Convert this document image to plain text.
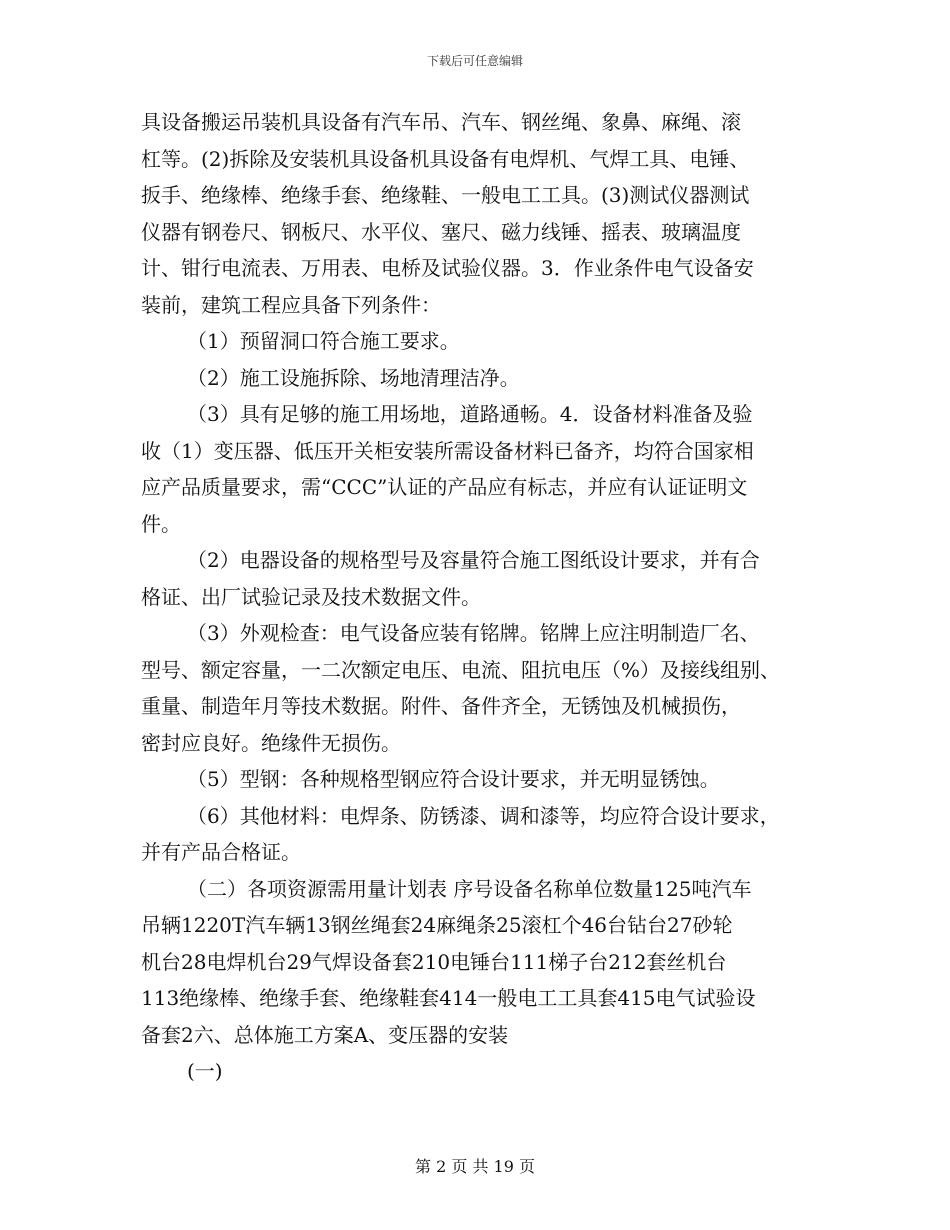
下载后可任意编辑
具设备搬运吊装机具设备有汽车吊、汽车、钢丝绳、象鼻、麻绳、滚
杠等。(2)拆除及安装机具设备机具设备有电焊机、气焊工具、电锤、
扳手、绝缘棒、绝缘手套、绝缘鞋、一般电工工具。(3)测试仪器测试
仪器有钢卷尺、钢板尺、水平仪、塞尺、磁力线锤、摇表、玻璃温度
计、钳行电流表、万用表、电桥及试验仪器。3．作业条件电气设备安
装前，建筑工程应具备下列条件：
（1）预留洞口符合施工要求。
（2）施工设施拆除、场地清理洁净。
（3）具有足够的施工用场地，道路通畅。4．设备材料准备及验
收（1）变压器、低压开关柜安装所需设备材料已备齐，均符合国家相
应产品质量要求，需“CCC”认证的产品应有标志，并应有认证证明文
件。
（2）电器设备的规格型号及容量符合施工图纸设计要求，并有合
格证、出厂试验记录及技术数据文件。
（3）外观检查：电气设备应装有铭牌。铭牌上应注明制造厂名、
型号、额定容量，一二次额定电压、电流、阻抗电压（%）及接线组别、
重量、制造年月等技术数据。附件、备件齐全，无锈蚀及机械损伤，
密封应良好。绝缘件无损伤。
（5）型钢：各种规格型钢应符合设计要求，并无明显锈蚀。
（6）其他材料：电焊条、防锈漆、调和漆等，均应符合设计要求，
并有产品合格证。
（二）各项资源需用量计划表 序号设备名称单位数量125吨汽车
吊辆1220T汽车辆13钢丝绳套24麻绳条25滚杠个46台钻台27砂轮
机台28电焊机台29气焊设备套210电锤台111梯子台212套丝机台
113绝缘棒、绝缘手套、绝缘鞋套414一般电工工具套415电气试验设
备套2六、总体施工方案A、变压器的安装
(一)
第 2 页 共 19 页
